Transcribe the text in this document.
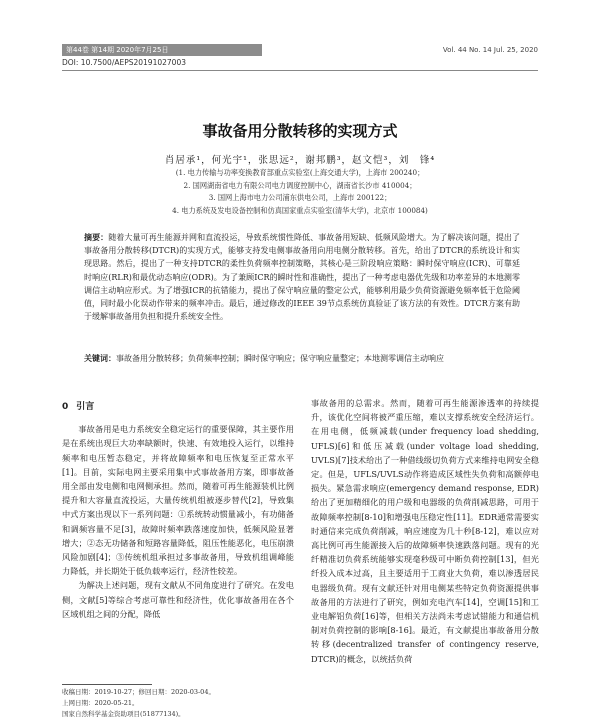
第44卷 第14期 2020年7月25日	Vol. 44 No. 14 Jul. 25, 2020
DOI: 10.7500/AEPS20191027003
事故备用分散转移的实现方式
肖居承¹，何光宇¹，张思远²，谢邦鹏³，赵文恺³，刘　锋⁴
(1. 电力传输与功率变换教育部重点实验室(上海交通大学)，上海市 200240；
2. 国网湖南省电力有限公司电力调度控制中心，湖南省长沙市 410004；
3. 国网上海市电力公司浦东供电公司，上海市 200122；
4. 电力系统及发电设备控制和仿真国家重点实验室(清华大学)，北京市 100084)
摘要：随着大量可再生能源并网和直流投运，导致系统惯性降低、事故备用短缺、低频风险增大。为了解决该问题，提出了事故备用分散转移(DTCR)的实现方式，能够支持发电侧事故备用向用电侧分散转移。首先，给出了DTCR的系统设计和实现思路。然后，提出了一种支持DTCR的柔性负荷频率控制策略，其核心是三阶段响应策略：瞬时保守响应(ICR)、可靠延时响应(RLR)和最优动态响应(ODR)。为了兼顾ICR的瞬时性和准确性，提出了一种考虑电器优先级和功率差异的本地测零调信主动响应形式。为了增强ICR的抗错能力，提出了保守响应量的整定公式，能够利用最少负荷资源避免频率低于危险阈值，同时最小化误动作带来的频率冲击。最后，通过修改的IEEE 39节点系统仿真验证了该方法的有效性。DTCR方案有助于缓解事故备用负担和提升系统安全性。
关键词：事故备用分散转移；负荷频率控制；瞬时保守响应；保守响应量整定；本地测零调信主动响应
0 引言

事故备用是电力系统安全稳定运行的重要保障，其主要作用是在系统出现巨大功率缺额时，快速、有效地投入运行，以维持频率和电压暂态稳定，并将故障频率和电压恢复至正常水平[1]。目前，实际电网主要采用集中式事故备用方案，即事故备用全部由发电侧和电网侧承担。然而，随着可再生能源装机比例提升和大容量直流投运，大量传统机组被逐步替代[2]，导致集中式方案出现以下一系列问题：①系统转动惯量减小，有功储备和调频容量不足[3]，故障时频率跌落速度加快，低频风险显著增大；②态无功储备和短路容量降低，阻压性能恶化，电压崩溃风险加剧[4]；③传统机组承担过多事故备用，导致机组调峰能力降低，并长期处于低负载率运行，经济性较差。

为解决上述问题，现有文献从不同角度进行了研究。在发电侧，文献[5]等综合考虑可靠性和经济性，优化事故备用在各个区域机组之间的分配，降低

事故备用的总需求。然而，随着可再生能源渗透率的持续提升，该优化空间将被严重压缩，难以支撑系统安全经济运行。在用电侧，低频减载(under frequency load shedding, UFLS)[6]和低压减载(under voltage load shedding, UVLS)[7]技术给出了一种借线级切负荷方式来维持电网安全稳定。但是，UFLS/UVLS动作将造成区域性失负荷和高额停电损失。紧急需求响应(emergency demand response, EDR)给出了更加精细化的用户级和电器级的负荷削减思路，可用于故障频率控制[8-10]和增强电压稳定性[11]。EDR通常需要实时通信来完成负荷削减，响应速度为几十秒[8-12]，难以应对高比例可再生能源接入后的故障频率快速跌落问题。现有的光纤精准切负荷系统能够实现毫秒级可中断负荷控制[13]，但光纤投入成本过高，且主要适用于工商业大负荷，难以渗透居民电器级负荷。现有文献还针对用电侧某些特定负荷资源提供事故备用的方法进行了研究，例如充电汽车[14]，空调[15]和工业电解铝负荷[16]等，但相关方法尚未考虑试错能力和通信机制对负荷控制的影响[8-16]。最近，有文献提出事故备用分散转移(decentralized transfer of contingency reserve, DTCR)的概念，以统括负荷

收稿日期：2019-10-27；修回日期：2020-03-04。
上网日期：2020-05-21。
国家自然科学基金资助项目(51877134)。
